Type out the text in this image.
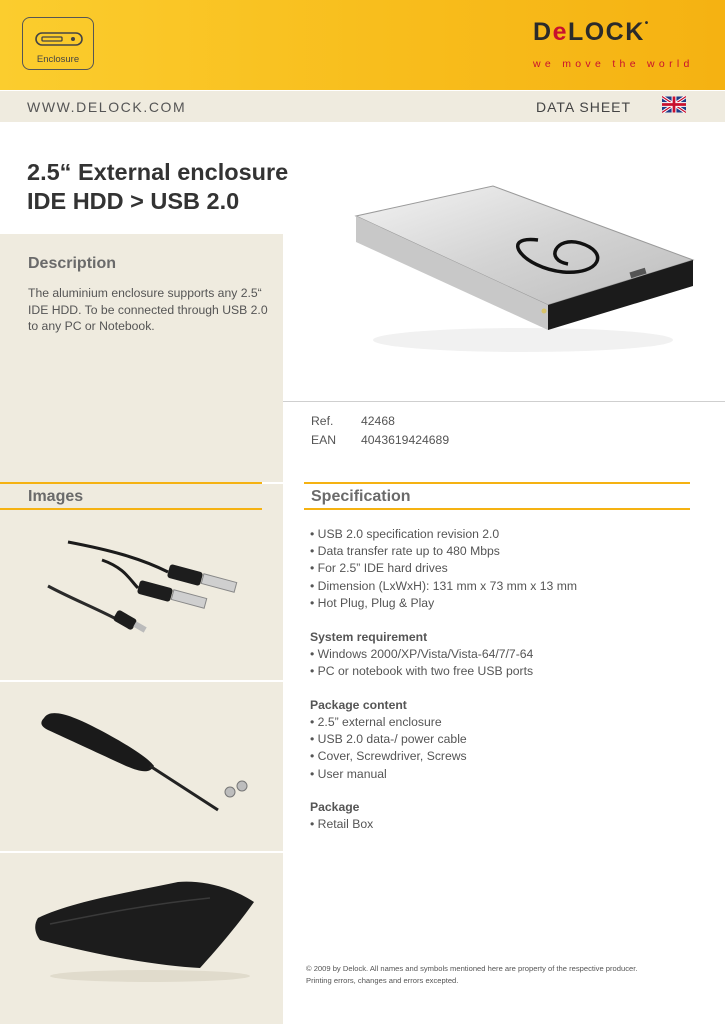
Enclosure
DeLOCK•
we move the world
WWW.DELOCK.COM	DATA SHEET
2.5“ External enclosure
IDE HDD > USB 2.0
Description
The aluminium enclosure supports any 2.5“ IDE HDD. To be connected through USB 2.0 to any PC or Notebook.
Ref. 42468
EAN 4043619424689
Images	Specification
• USB 2.0 specification revision 2.0
• Data transfer rate up to 480 Mbps
• For 2.5” IDE hard drives
• Dimension (LxWxH): 131 mm x 73 mm x 13 mm
• Hot Plug, Plug & Play
System requirement
• Windows 2000/XP/Vista/Vista-64/7/7-64
• PC or notebook with two free USB ports
Package content
• 2.5” external enclosure
• USB 2.0 data-/ power cable
• Cover, Screwdriver, Screws
• User manual
Package
• Retail Box
© 2009 by Delock. All names and symbols mentioned here are property of the respective producer.
Printing errors, changes and errors excepted.
